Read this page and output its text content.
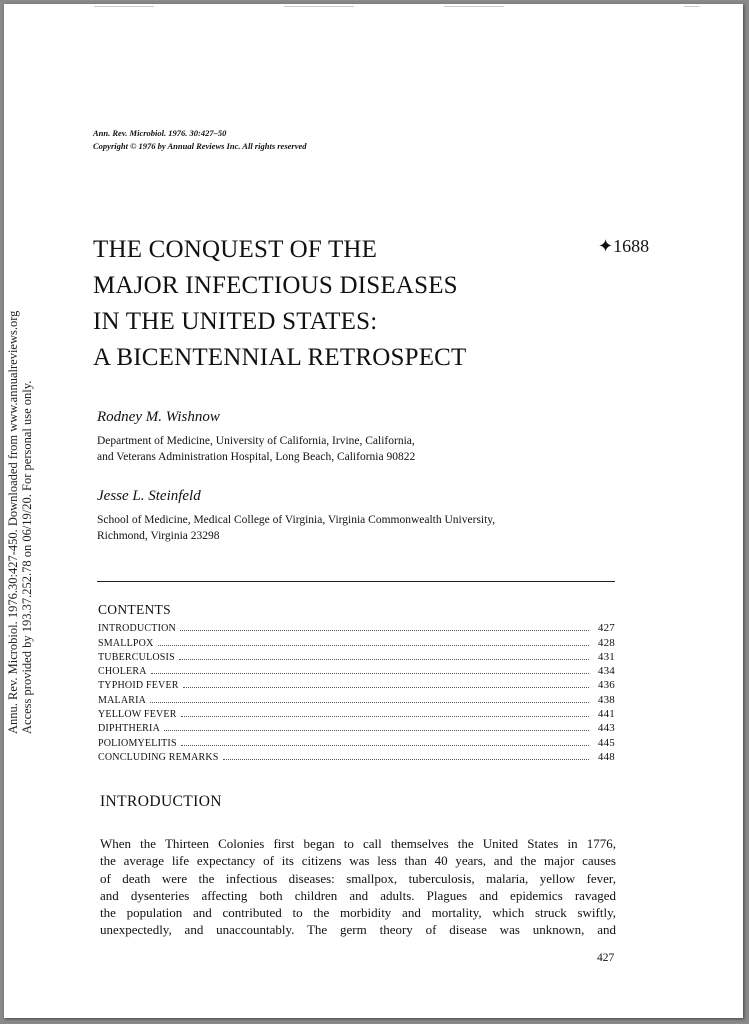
Annu. Rev. Microbiol. 1976.30:427-450. Downloaded from www.annualreviews.org Access provided by 193.37.252.78 on 06/19/20. For personal use only.
Ann. Rev. Microbiol. 1976. 30:427–50
Copyright © 1976 by Annual Reviews Inc. All rights reserved
THE CONQUEST OF THE
MAJOR INFECTIOUS DISEASES
IN THE UNITED STATES:
A BICENTENNIAL RETROSPECT
✦1688
Rodney M. Wishnow
Department of Medicine, University of California, Irvine, California,
and Veterans Administration Hospital, Long Beach, California 90822
Jesse L. Steinfeld
School of Medicine, Medical College of Virginia, Virginia Commonwealth University,
Richmond, Virginia 23298
CONTENTS
INTRODUCTION	427
SMALLPOX	428
TUBERCULOSIS	431
CHOLERA	434
TYPHOID FEVER	436
MALARIA	438
YELLOW FEVER	441
DIPHTHERIA	443
POLIOMYELITIS	445
CONCLUDING REMARKS	448
INTRODUCTION
When the Thirteen Colonies first began to call themselves the United States in 1776,
the average life expectancy of its citizens was less than 40 years, and the major causes
of death were the infectious diseases: smallpox, tuberculosis, malaria, yellow fever,
and dysenteries affecting both children and adults. Plagues and epidemics ravaged
the population and contributed to the morbidity and mortality, which struck swiftly,
unexpectedly, and unaccountably. The germ theory of disease was unknown, and
427
